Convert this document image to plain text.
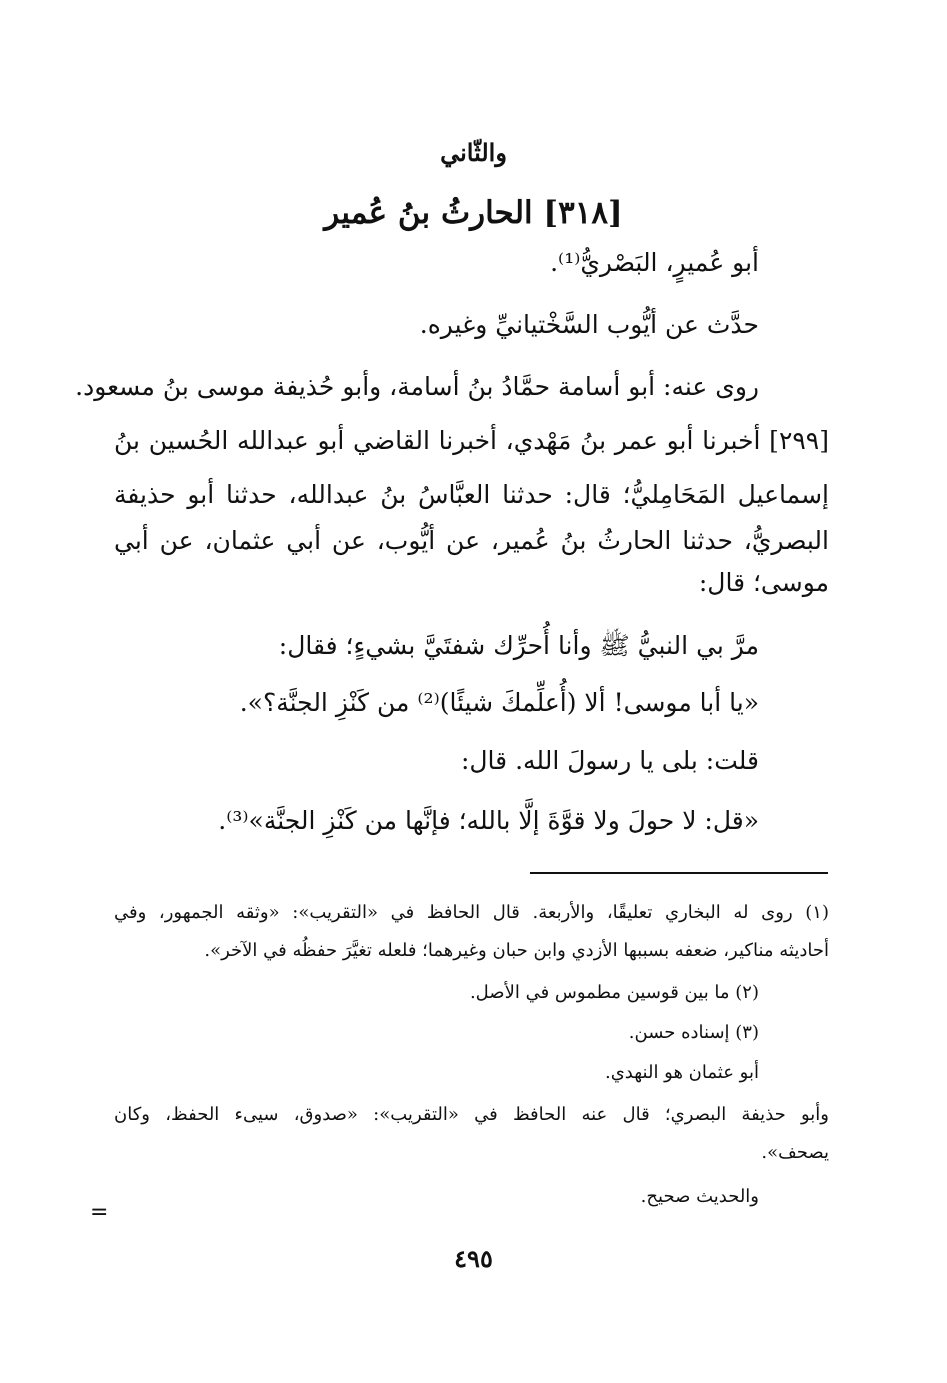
والثّاني
[٣١٨] الحارثُ بنُ عُمير

أبو عُميرٍ، البَصْريُّ⁽¹⁾.

حدَّث عن أيُّوب السَّخْتيانيِّ وغيره.

روى عنه: أبو أسامة حمَّادُ بنُ أسامة، وأبو حُذيفة موسى بنُ مسعود.

[٢٩٩] أخبرنا أبو عمر بنُ مَهْدي، أخبرنا القاضي أبو عبدالله الحُسين بنُ

إسماعيل المَحَامِليُّ؛ قال: حدثنا العبَّاسُ بنُ عبدالله، حدثنا أبو حذيفة

البصريُّ، حدثنا الحارثُ بنُ عُمير، عن أيُّوب، عن أبي عثمان، عن أبي

موسى؛ قال:

مرَّ بي النبيُّ ﷺ وأنا أُحرِّك شفتَيَّ بشيءٍ؛ فقال:

«يا أبا موسى! ألا (أُعلِّمكَ شيئًا)⁽²⁾ من كَنْزِ الجنَّة؟».

قلت: بلى يا رسولَ الله. قال:

«قل: لا حولَ ولا قوَّةَ إلَّا بالله؛ فإنَّها من كَنْزِ الجنَّة»⁽³⁾.

(١) روى له البخاري تعليقًا، والأربعة. قال الحافظ في «التقريب»: «وثقه الجمهور، وفي

أحاديثه مناكير، ضعفه بسببها الأزدي وابن حبان وغيرهما؛ فلعله تغيَّرَ حفظُه في الآخر».

(٢) ما بين قوسين مطموس في الأصل.

(٣) إسناده حسن.

أبو عثمان هو النهدي.

وأبو حذيفة البصري؛ قال عنه الحافظ في «التقريب»: «صدوق، سيىء الحفظ، وكان

يصحف».

والحديث صحيح.

=
٤٩٥
